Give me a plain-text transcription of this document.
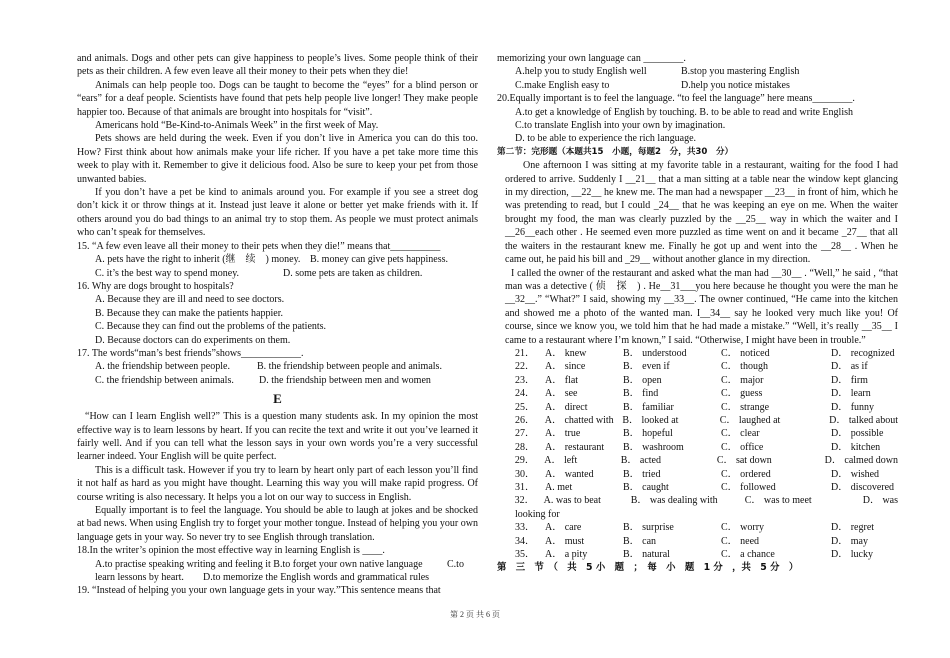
and animals. Dogs and other pets can give happiness to people’s lives. Some people think of their pets as their children. A few even leave all their money to their pets when they die!

Animals can help people too. Dogs can be taught to become the “eyes” for a blind person or “ears” for a deaf people. Scientists have found that pets help people live longer! They make people happier too. Because of that animals are brought into hospitals for “visit”.

Americans hold “Be-Kind-to-Animals Week” in the first week of May.

Pets shows are held during the week. Even if you don’t live in America you can do this too. How? First think about how animals make your life richer. If you have a pet take more time this week to play with it. Remember to give it delicious food. Also be sure to keep your pet from those unwanted babies.

If you don’t have a pet be kind to animals around you. For example if you see a street dog don’t kick it or throw things at it. Instead just leave it alone or better yet make friends with it. If others around you do bad things to an animal try to stop them. As people we must protect animals who can’t speak for themselves.

15. “A few even leave all their money to their pets when they die!” means that__________

A. pets have the right to inherit (继　续　) money. B. money can give pets happiness.
C. it’s the best way to spend money.	D. some pets are taken as children.

16. Why are dogs brought to hospitals?

A. Because they are ill and need to see doctors.

B. Because they can make the patients happier.

C. Because they can find out the problems of the patients.

D. Because doctors can do experiments on them.

17. The words“man’s best friends”shows____________.

A. the friendship between people.	B. the friendship between people and animals.
C. the friendship between animals.	D. the friendship between men and women
E

“How can I learn English well?” This is a question many students ask. In my opinion the most effective way is to learn lessons by heart. If you can recite the text and write it out you’ve learned it fairly well. And if you can tell what the lesson says in your own words you’re a very successful learner indeed. Your English will be quite perfect.

This is a difficult task. However if you try to learn by heart only part of each lesson you’ll find it not half as hard as you might have thought. Learning this way you will make rapid progress. Of course writing is also necessary. It helps you a lot on our way to success in English.

Equally important is to feel the language. You should be able to laugh at jokes and be shocked at bad news. When using English try to forget your mother tongue. Instead of helping you your own language gets in your way. So never try to see English through translation.

18.In the writer’s opinion the most effective way in learning English is ____.

A.to practise speaking writing and feeling it B.to forget your own native language	C.to
learn lessons by heart.	D.to memorize the English words and grammatical rules

19. “Instead of helping you your own language gets in your way.”This sentence means that

memorizing your own language can ________.

A.help you to study English well	B.stop you mastering English
C.make English easy to	D.help you notice mistakes

20.Equally important is to feel the language. “to feel the language” here means________.

A.to get a knowledge of English by touching. B. to be able to read and write English

C.to translate English into your own by imagination.

D. to be able to experience the rich language.

第二节：完形题（本题共15　小题，每题2　分，共30　分）

One afternoon I was sitting at my favorite table in a restaurant, waiting for the food I had ordered to arrive. Suddenly I __21__ that a man sitting at a table near the window kept glancing in my direction, __22__ he knew me. The man had a newspaper __23__ in front of him, which he was pretending to read, but I could _24__ that he was keeping an eye on me. When the waiter brought my food, the man was clearly puzzled by the __25__ way in which the waiter and I __26__each other . He seemed even more puzzled as time went on and it became _27__ that all the waiters in the restaurant knew me. Finally he got up and went into the __28__ . When he came out, he paid his bill and _29__ without another glance in my direction.

I called the owner of the restaurant and asked what the man had __30__ . “Well,” he said , “that man was a detective ( 侦　探　) . He__31___you here because he thought you were the man he __32__.” “What?” I said, showing my __33__. The owner continued, “He came into the kitchen and showed me a photo of the wanted man. I__34__ say he looked very much like you! Of course, since we know you, we told him that he had made a mistake.” “Well, it’s really __35__ I came to a restaurant where I’m known,” I said. “Otherwise, I might have been in trouble.”

21．	A． knew	B． understood	C． noticed	D． recognized
22．	A． since	B． even if	C． though	D． as if
23．	A． flat	B． open	C． major	D． firm
24．	A． see	B． find	C． guess	D． learn
25．	A． direct	B． familiar	C． strange	D． funny
26． A． chatted with B． looked at	C． laughed at	D． talked about
27．	A． true	B． hopeful	C． clear	D． possible
28．	A． restaurant	B． washroom	C． office	D． kitchen
29． A． left	B． acted	C． sat down	D． calmed down
30．	A． wanted	B． tried	C． ordered	D． wished
31．	A. met	B． caught	C． followed	D． discovered
32． A. was to beat	B． was dealing with	C． was to meet	D． was

looking for

33．	A． care	B． surprise	C． worry	D． regret
34．	A． must	B． can	C． need	D． may
35．	A． a pity	B． natural	C． a chance	D． lucky

第　三　节　（　共　5 小　题　；　每　小　题　1 分　，共　5 分　）

第 2 页 共 6 页
